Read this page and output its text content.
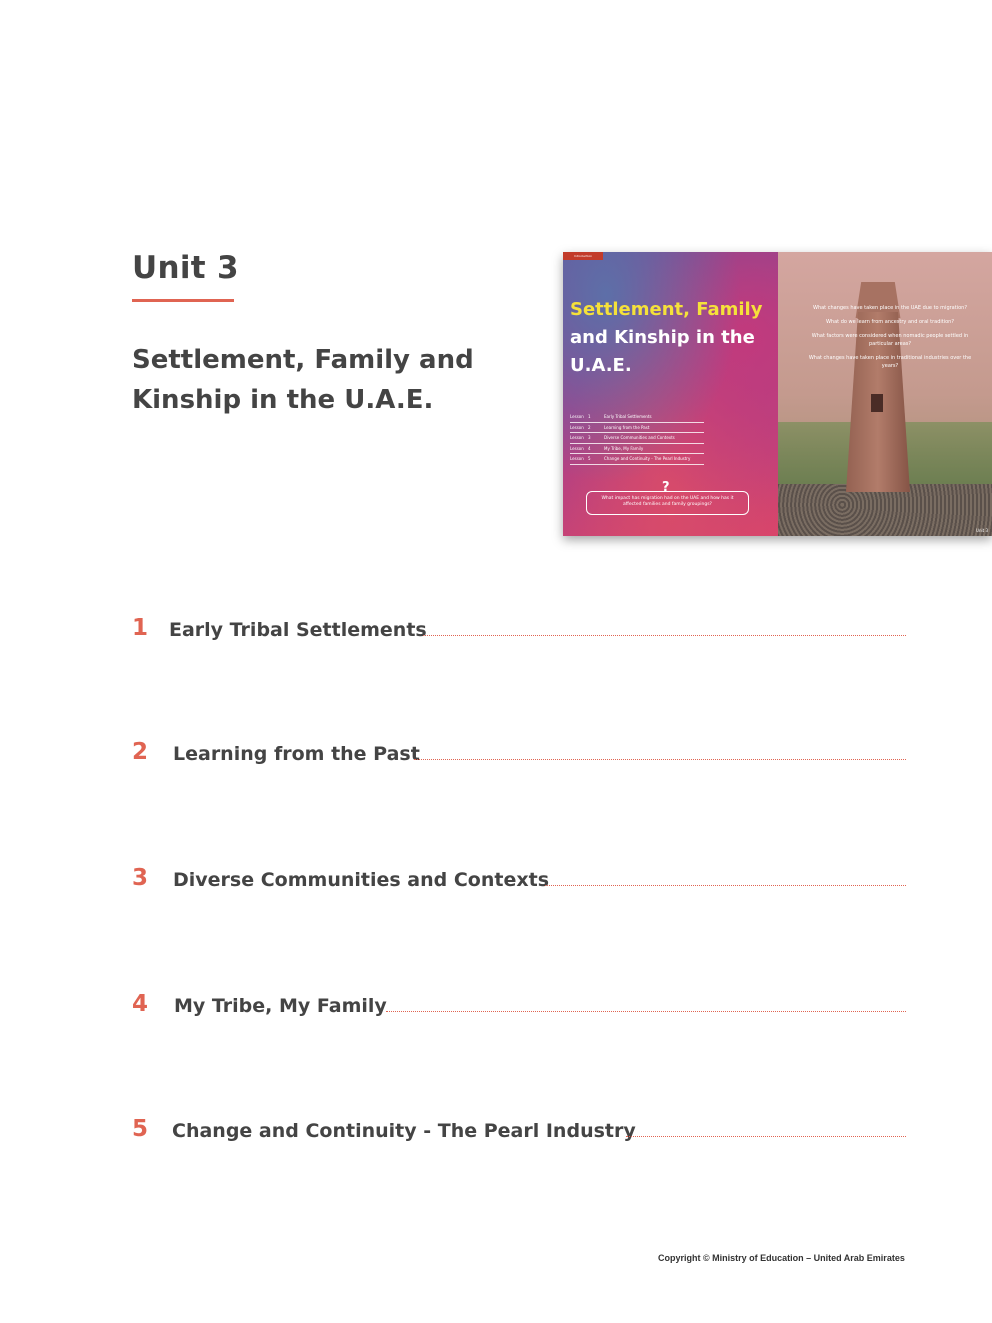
Unit 3
Settlement, Family and Kinship in the U.A.E.
Introduction
Settlement, Family
and Kinship in the
U.A.E.
Lesson	1	Early Tribal Settlements
Lesson	2	Learning from the Past
Lesson	3	Diverse Communities and Contexts
Lesson	4	My Tribe, My Family
Lesson	5	Change and Continuity - The Pearl Industry
?
What impact has migration had on the UAE and how has it affected families and family groupings?
What changes have taken place in the UAE due to migration?
What do we learn from ancestry and oral tradition?
What factors were considered when nomadic people settled in particular areas?
What changes have taken place in traditional industries over the years?
Unit 3
1 Early Tribal Settlements
2 Learning from the Past
3 Diverse Communities and Contexts
4 My Tribe, My Family
5 Change and Continuity - The Pearl Industry
Copyright © Ministry of Education – United Arab Emirates
